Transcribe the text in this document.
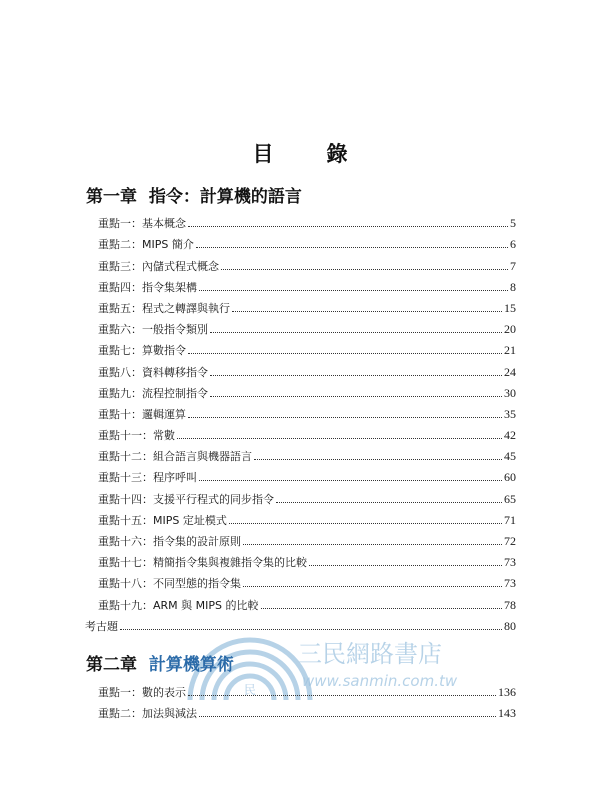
目　錄
第一章 指令：計算機的語言
重點一：基本概念	5
重點二：MIPS 簡介	6
重點三：內儲式程式概念	7
重點四：指令集架構	8
重點五：程式之轉譯與執行	15
重點六：一般指令類別	20
重點七：算數指令	21
重點八：資料轉移指令	24
重點九：流程控制指令	30
重點十：邏輯運算	35
重點十一：常數	42
重點十二：組合語言與機器語言	45
重點十三：程序呼叫	60
重點十四：支援平行程式的同步指令	65
重點十五：MIPS 定址模式	71
重點十六：指令集的設計原則	72
重點十七：精簡指令集與複雜指令集的比較	73
重點十八：不同型態的指令集	73
重點十九：ARM 與 MIPS 的比較	78
考古題	80
民
三民網路書店
www.sanmin.com.tw
第二章 計算機算術
重點一：數的表示	136
重點二：加法與減法	143
